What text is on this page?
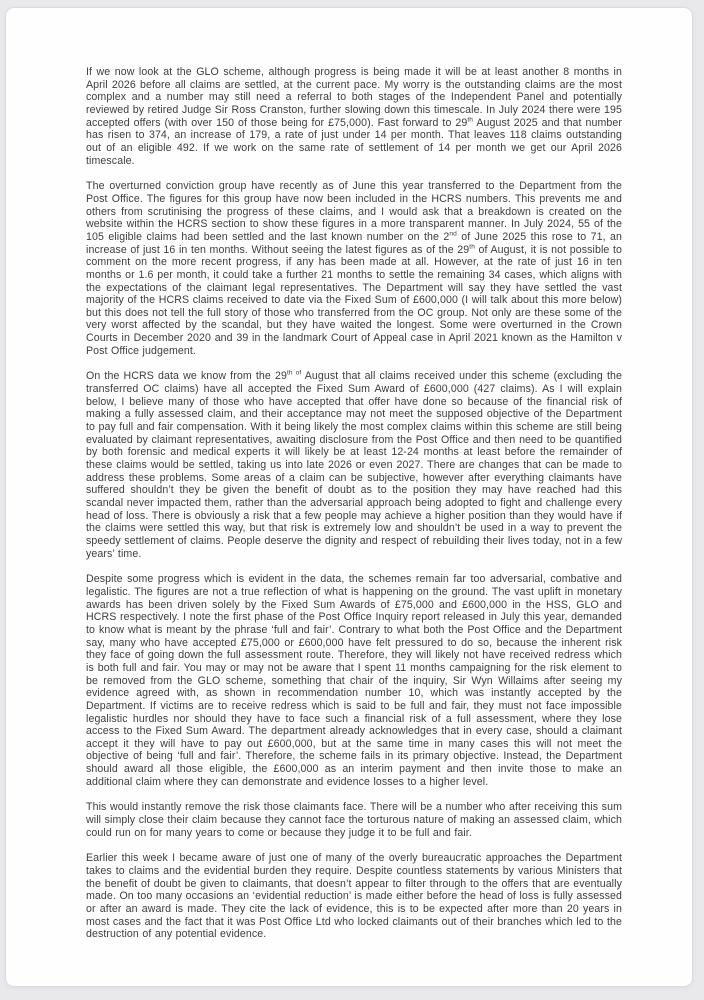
If we now look at the GLO scheme, although progress is being made it will be at least another 8 months in April 2026 before all claims are settled, at the current pace. My worry is the outstanding claims are the most complex and a number may still need a referral to both stages of the Independent Panel and potentially reviewed by retired Judge Sir Ross Cranston, further slowing down this timescale. In July 2024 there were 195 accepted offers (with over 150 of those being for £75,000). Fast forward to 29th August 2025 and that number has risen to 374, an increase of 179, a rate of just under 14 per month. That leaves 118 claims outstanding out of an eligible 492. If we work on the same rate of settlement of 14 per month we get our April 2026 timescale.

The overturned conviction group have recently as of June this year transferred to the Department from the Post Office. The figures for this group have now been included in the HCRS numbers. This prevents me and others from scrutinising the progress of these claims, and I would ask that a breakdown is created on the website within the HCRS section to show these figures in a more transparent manner. In July 2024, 55 of the 105 eligible claims had been settled and the last known number on the 2nd of June 2025 this rose to 71, an increase of just 16 in ten months. Without seeing the latest figures as of the 29th of August, it is not possible to comment on the more recent progress, if any has been made at all. However, at the rate of just 16 in ten months or 1.6 per month, it could take a further 21 months to settle the remaining 34 cases, which aligns with the expectations of the claimant legal representatives. The Department will say they have settled the vast majority of the HCRS claims received to date via the Fixed Sum of £600,000 (I will talk about this more below) but this does not tell the full story of those who transferred from the OC group. Not only are these some of the very worst affected by the scandal, but they have waited the longest. Some were overturned in the Crown Courts in December 2020 and 39 in the landmark Court of Appeal case in April 2021 known as the Hamilton v Post Office judgement.

On the HCRS data we know from the $29^{th of}$ August that all claims received under this scheme (excluding the transferred OC claims) have all accepted the Fixed Sum Award of £600,000 (427 claims). As I will explain below, I believe many of those who have accepted that offer have done so because of the financial risk of making a fully assessed claim, and their acceptance may not meet the supposed objective of the Department to pay full and fair compensation. With it being likely the most complex claims within this scheme are still being evaluated by claimant representatives, awaiting disclosure from the Post Office and then need to be quantified by both forensic and medical experts it will likely be at least 12-24 months at least before the remainder of these claims would be settled, taking us into late 2026 or even 2027. There are changes that can be made to address these problems. Some areas of a claim can be subjective, however after everything claimants have suffered shouldn’t they be given the benefit of doubt as to the position they may have reached had this scandal never impacted them, rather than the adversarial approach being adopted to fight and challenge every head of loss. There is obviously a risk that a few people may achieve a higher position than they would have if the claims were settled this way, but that risk is extremely low and shouldn’t be used in a way to prevent the speedy settlement of claims. People deserve the dignity and respect of rebuilding their lives today, not in a few years’ time.

Despite some progress which is evident in the data, the schemes remain far too adversarial, combative and legalistic. The figures are not a true reflection of what is happening on the ground. The vast uplift in monetary awards has been driven solely by the Fixed Sum Awards of £75,000 and £600,000 in the HSS, GLO and HCRS respectively. I note the first phase of the Post Office Inquiry report released in July this year, demanded to know what is meant by the phrase ‘full and fair’. Contrary to what both the Post Office and the Department say, many who have accepted £75,000 or £600,000 have felt pressured to do so, because the inherent risk they face of going down the full assessment route. Therefore, they will likely not have received redress which is both full and fair. You may or may not be aware that I spent 11 months campaigning for the risk element to be removed from the GLO scheme, something that chair of the inquiry, Sir Wyn Willaims after seeing my evidence agreed with, as shown in recommendation number 10, which was instantly accepted by the Department. If victims are to receive redress which is said to be full and fair, they must not face impossible legalistic hurdles nor should they have to face such a financial risk of a full assessment, where they lose access to the Fixed Sum Award. The department already acknowledges that in every case, should a claimant accept it they will have to pay out £600,000, but at the same time in many cases this will not meet the objective of being ‘full and fair’. Therefore, the scheme fails in its primary objective. Instead, the Department should award all those eligible, the £600,000 as an interim payment and then invite those to make an additional claim where they can demonstrate and evidence losses to a higher level.

This would instantly remove the risk those claimants face. There will be a number who after receiving this sum will simply close their claim because they cannot face the torturous nature of making an assessed claim, which could run on for many years to come or because they judge it to be full and fair.

Earlier this week I became aware of just one of many of the overly bureaucratic approaches the Department takes to claims and the evidential burden they require. Despite countless statements by various Ministers that the benefit of doubt be given to claimants, that doesn’t appear to filter through to the offers that are eventually made. On too many occasions an ‘evidential reduction’ is made either before the head of loss is fully assessed or after an award is made. They cite the lack of evidence, this is to be expected after more than 20 years in most cases and the fact that it was Post Office Ltd who locked claimants out of their branches which led to the destruction of any potential evidence.
